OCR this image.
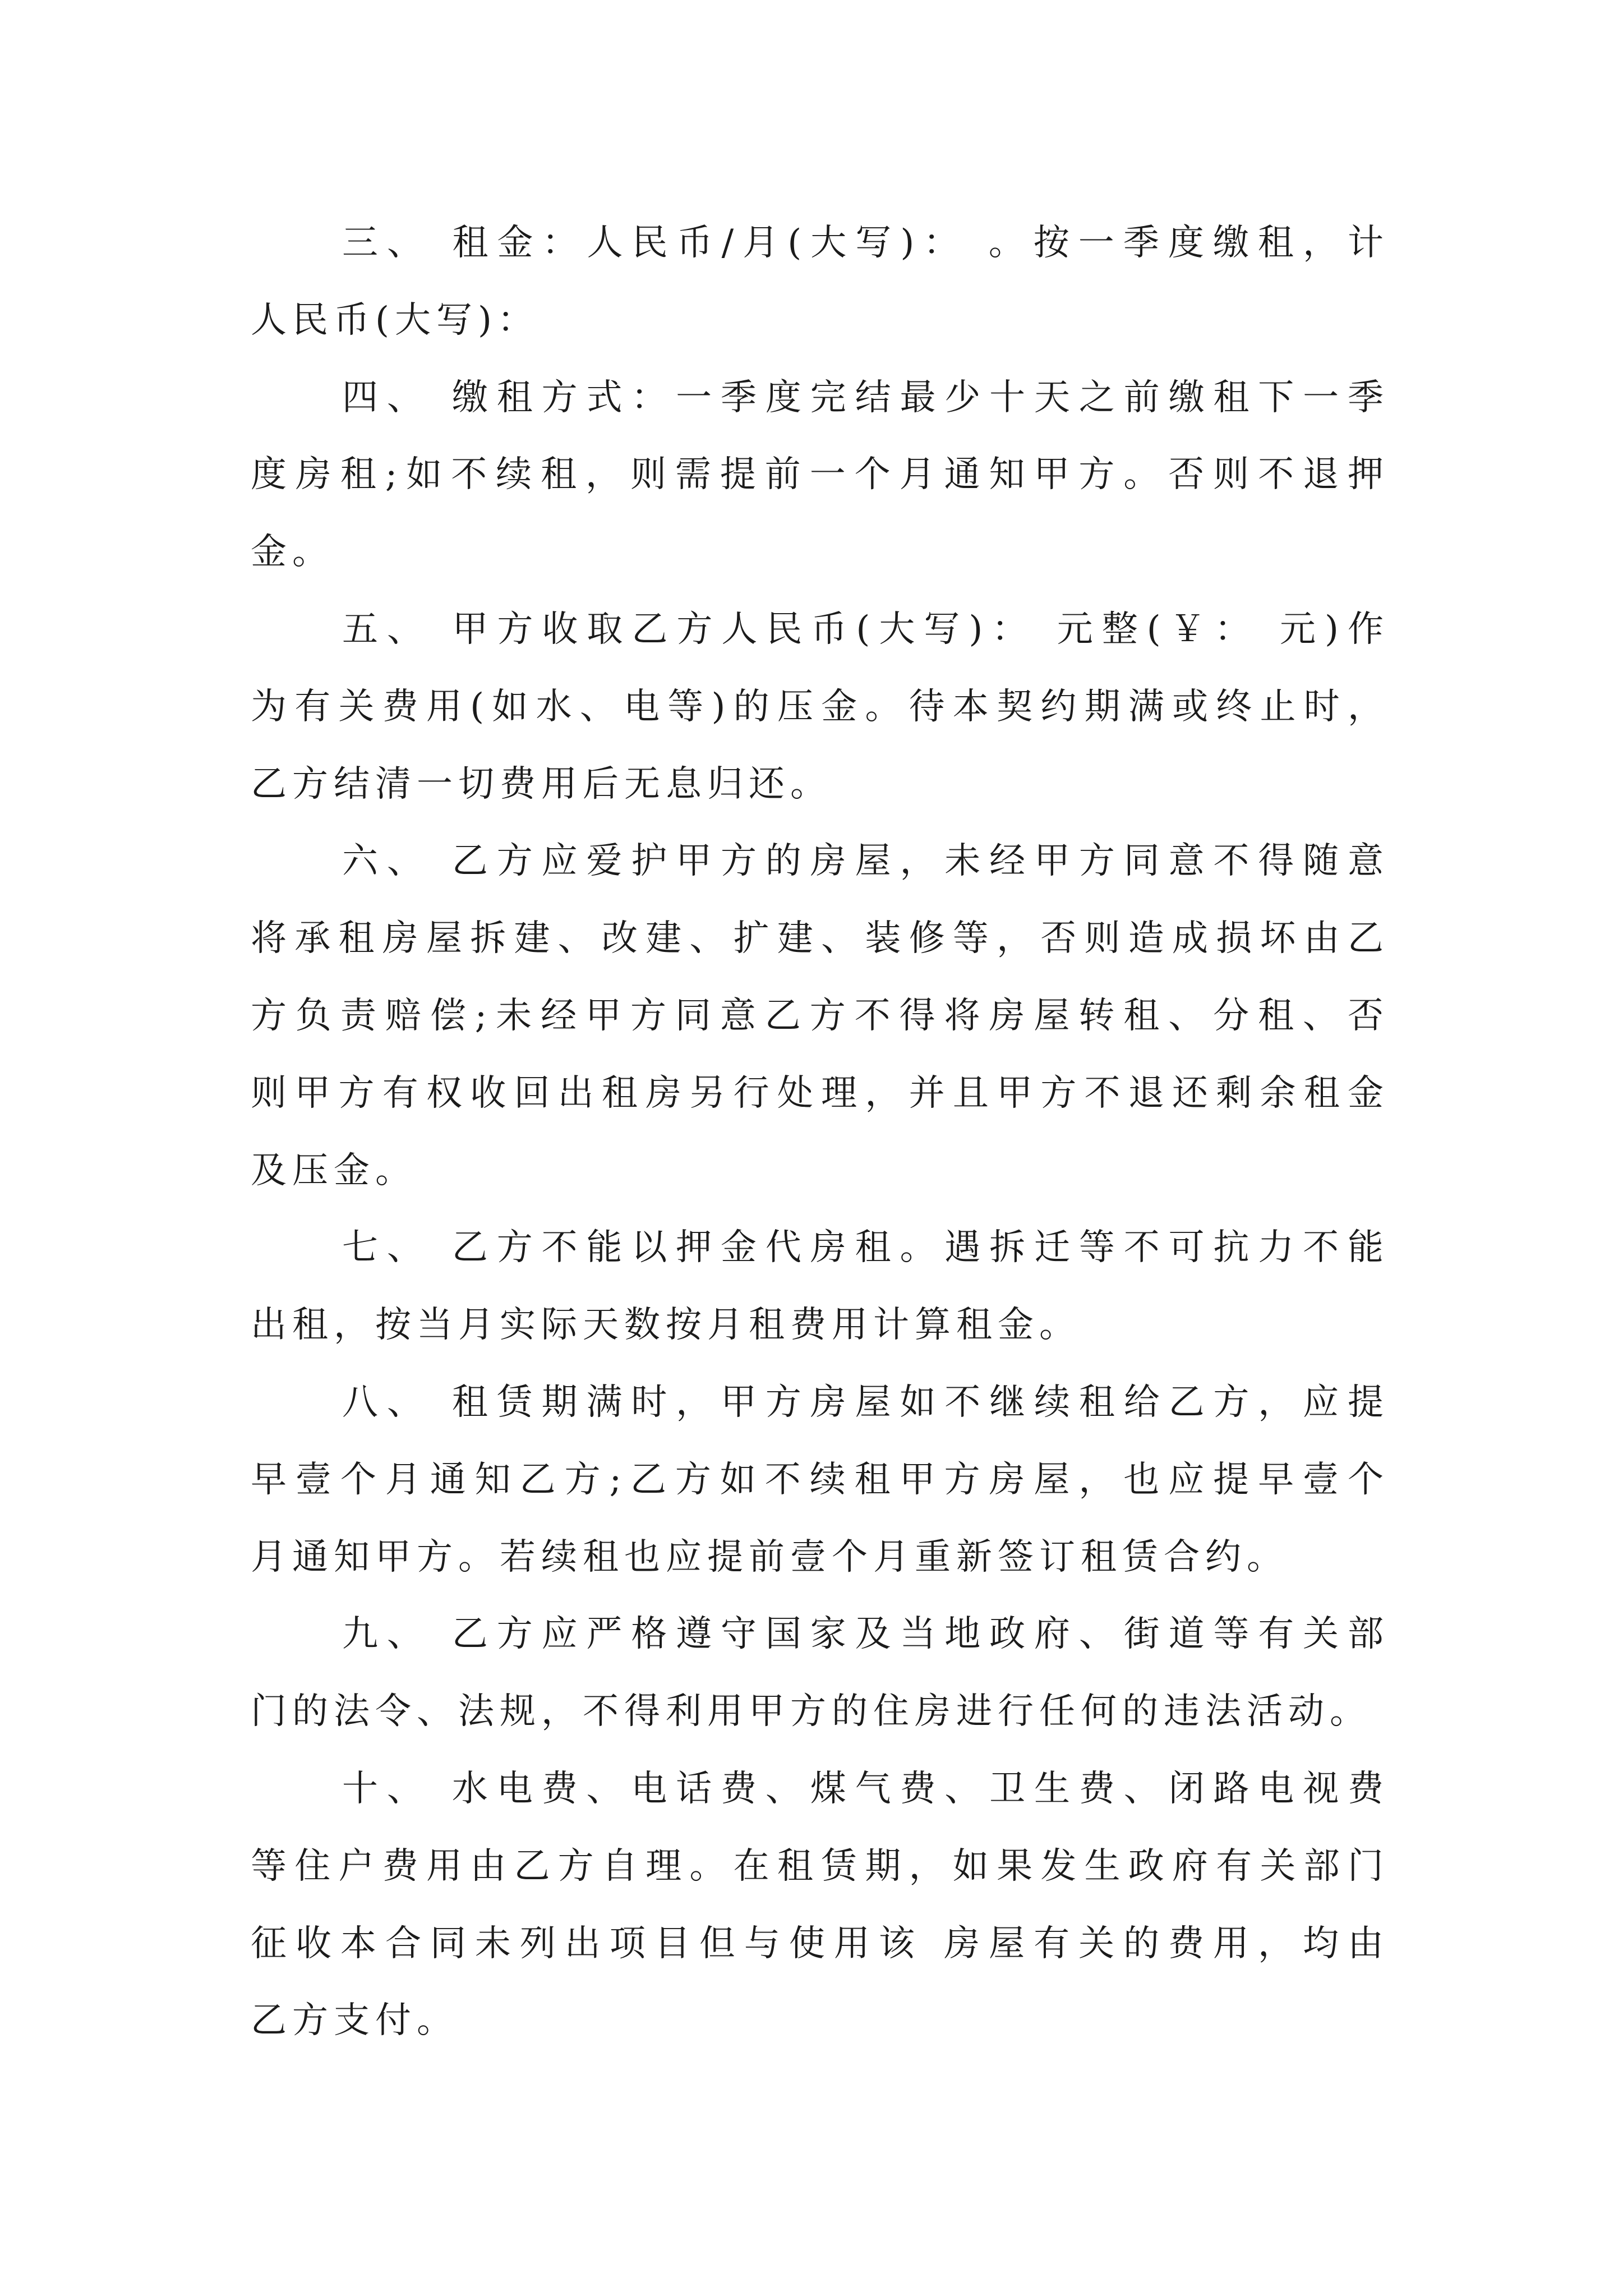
三、 租金：人民币/月(大写)： 。按一季度缴租，计
人民币(大写)：
四、 缴租方式：一季度完结最少十天之前缴租下一季
度房租;如不续租，则需提前一个月通知甲方。否则不退押
金。
五、 甲方收取乙方人民币(大写)： 元整(￥： 元)作
为有关费用(如水、电等)的压金。待本契约期满或终止时，
乙方结清一切费用后无息归还。
六、 乙方应爱护甲方的房屋，未经甲方同意不得随意
将承租房屋拆建、改建、扩建、装修等，否则造成损坏由乙
方负责赔偿;未经甲方同意乙方不得将房屋转租、分租、否
则甲方有权收回出租房另行处理，并且甲方不退还剩余租金
及压金。
七、 乙方不能以押金代房租。遇拆迁等不可抗力不能
出租，按当月实际天数按月租费用计算租金。
八、 租赁期满时，甲方房屋如不继续租给乙方，应提
早壹个月通知乙方;乙方如不续租甲方房屋，也应提早壹个
月通知甲方。若续租也应提前壹个月重新签订租赁合约。
九、 乙方应严格遵守国家及当地政府、街道等有关部
门的法令、法规，不得利用甲方的住房进行任何的违法活动。
十、 水电费、电话费、煤气费、卫生费、闭路电视费
等住户费用由乙方自理。在租赁期，如果发生政府有关部门
征收本合同未列出项目但与使用该 房屋有关的费用，均由
乙方支付。
